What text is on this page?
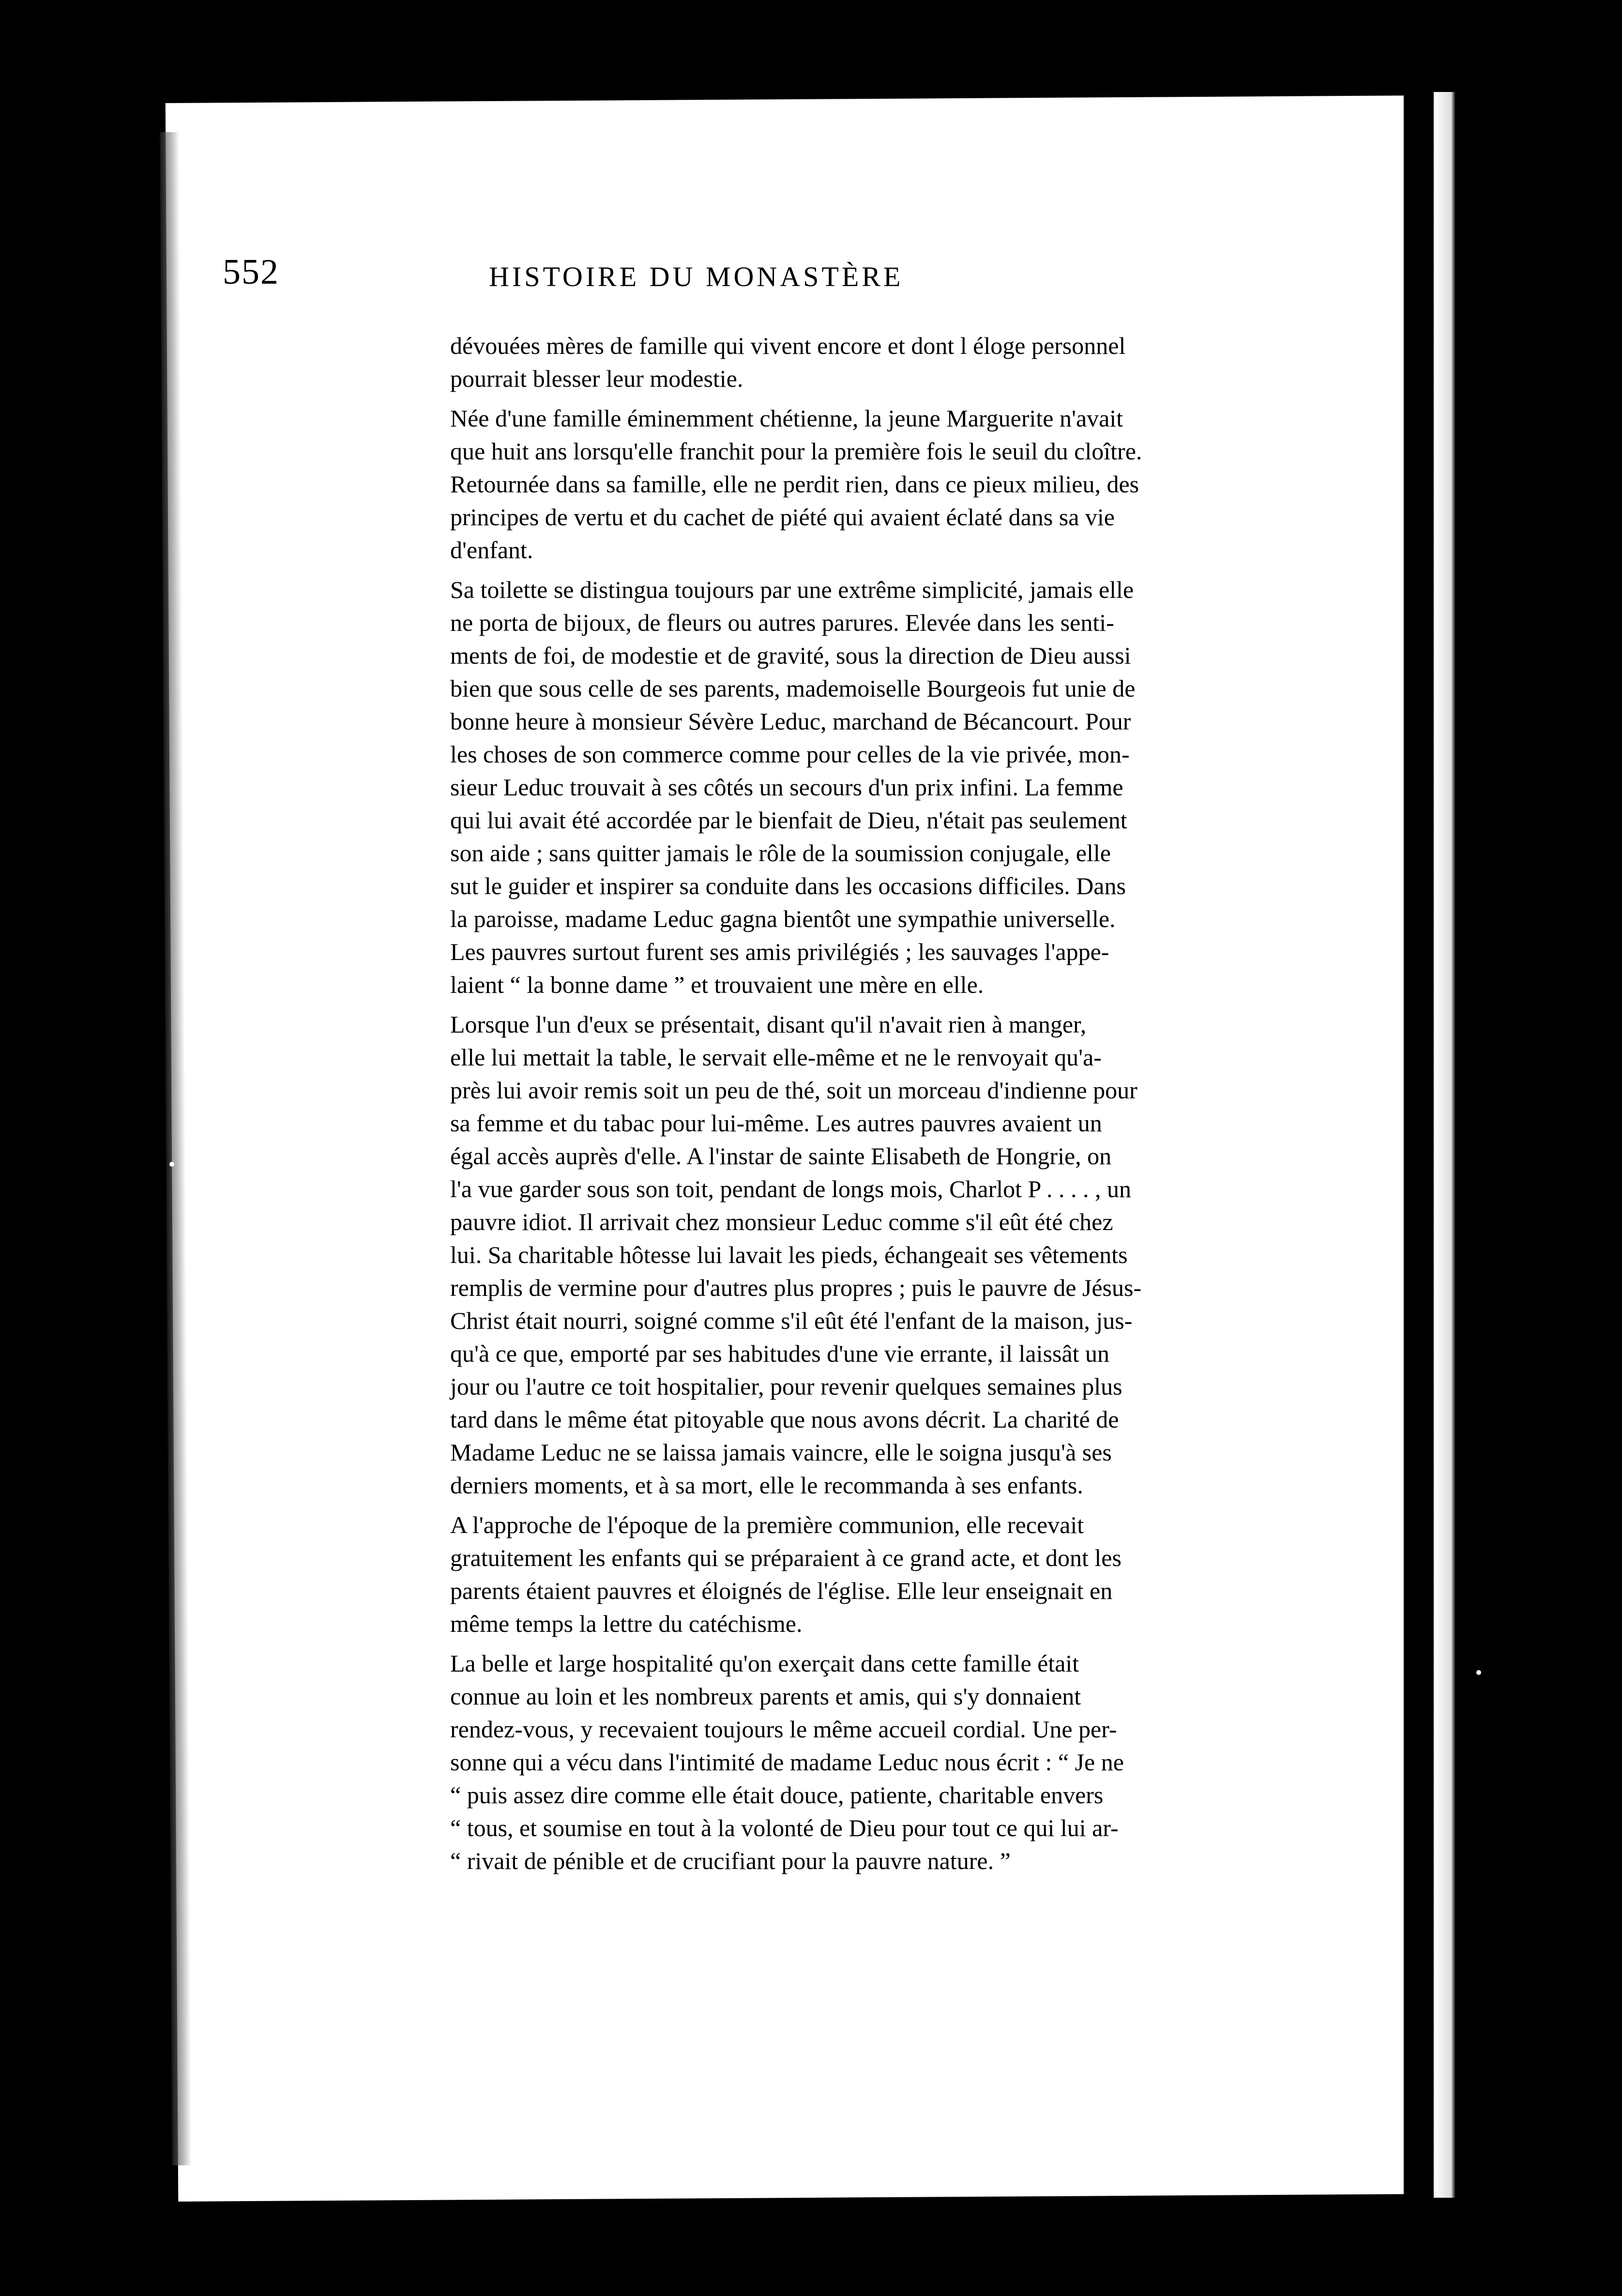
552	HISTOIRE DU MONASTÈRE
dévouées mères de famille qui vivent encore et dont l éloge personnel
pourrait blesser leur modestie.
Née d'une famille éminemment chétienne, la jeune Marguerite n'avait
que huit ans lorsqu'elle franchit pour la première fois le seuil du cloître.
Retournée dans sa famille, elle ne perdit rien, dans ce pieux milieu, des
principes de vertu et du cachet de piété qui avaient éclaté dans sa vie
d'enfant.
Sa toilette se distingua toujours par une extrême simplicité, jamais elle
ne porta de bijoux, de fleurs ou autres parures. Elevée dans les senti-
ments de foi, de modestie et de gravité, sous la direction de Dieu aussi
bien que sous celle de ses parents, mademoiselle Bourgeois fut unie de
bonne heure à monsieur Sévère Leduc, marchand de Bécancourt. Pour
les choses de son commerce comme pour celles de la vie privée, mon-
sieur Leduc trouvait à ses côtés un secours d'un prix infini. La femme
qui lui avait été accordée par le bienfait de Dieu, n'était pas seulement
son aide ; sans quitter jamais le rôle de la soumission conjugale, elle
sut le guider et inspirer sa conduite dans les occasions difficiles. Dans
la paroisse, madame Leduc gagna bientôt une sympathie universelle.
Les pauvres surtout furent ses amis privilégiés ; les sauvages l'appe-
laient “ la bonne dame ” et trouvaient une mère en elle.
Lorsque l'un d'eux se présentait, disant qu'il n'avait rien à manger,
elle lui mettait la table, le servait elle-même et ne le renvoyait qu'a-
près lui avoir remis soit un peu de thé, soit un morceau d'indienne pour
sa femme et du tabac pour lui-même. Les autres pauvres avaient un
égal accès auprès d'elle. A l'instar de sainte Elisabeth de Hongrie, on
l'a vue garder sous son toit, pendant de longs mois, Charlot P . . . . , un
pauvre idiot. Il arrivait chez monsieur Leduc comme s'il eût été chez
lui. Sa charitable hôtesse lui lavait les pieds, échangeait ses vêtements
remplis de vermine pour d'autres plus propres ; puis le pauvre de Jésus-
Christ était nourri, soigné comme s'il eût été l'enfant de la maison, jus-
qu'à ce que, emporté par ses habitudes d'une vie errante, il laissât un
jour ou l'autre ce toit hospitalier, pour revenir quelques semaines plus
tard dans le même état pitoyable que nous avons décrit. La charité de
Madame Leduc ne se laissa jamais vaincre, elle le soigna jusqu'à ses
derniers moments, et à sa mort, elle le recommanda à ses enfants.
A l'approche de l'époque de la première communion, elle recevait
gratuitement les enfants qui se préparaient à ce grand acte, et dont les
parents étaient pauvres et éloignés de l'église. Elle leur enseignait en
même temps la lettre du catéchisme.
La belle et large hospitalité qu'on exerçait dans cette famille était
connue au loin et les nombreux parents et amis, qui s'y donnaient
rendez-vous, y recevaient toujours le même accueil cordial. Une per-
sonne qui a vécu dans l'intimité de madame Leduc nous écrit : “ Je ne
“ puis assez dire comme elle était douce, patiente, charitable envers
“ tous, et soumise en tout à la volonté de Dieu pour tout ce qui lui ar-
“ rivait de pénible et de crucifiant pour la pauvre nature. ”
